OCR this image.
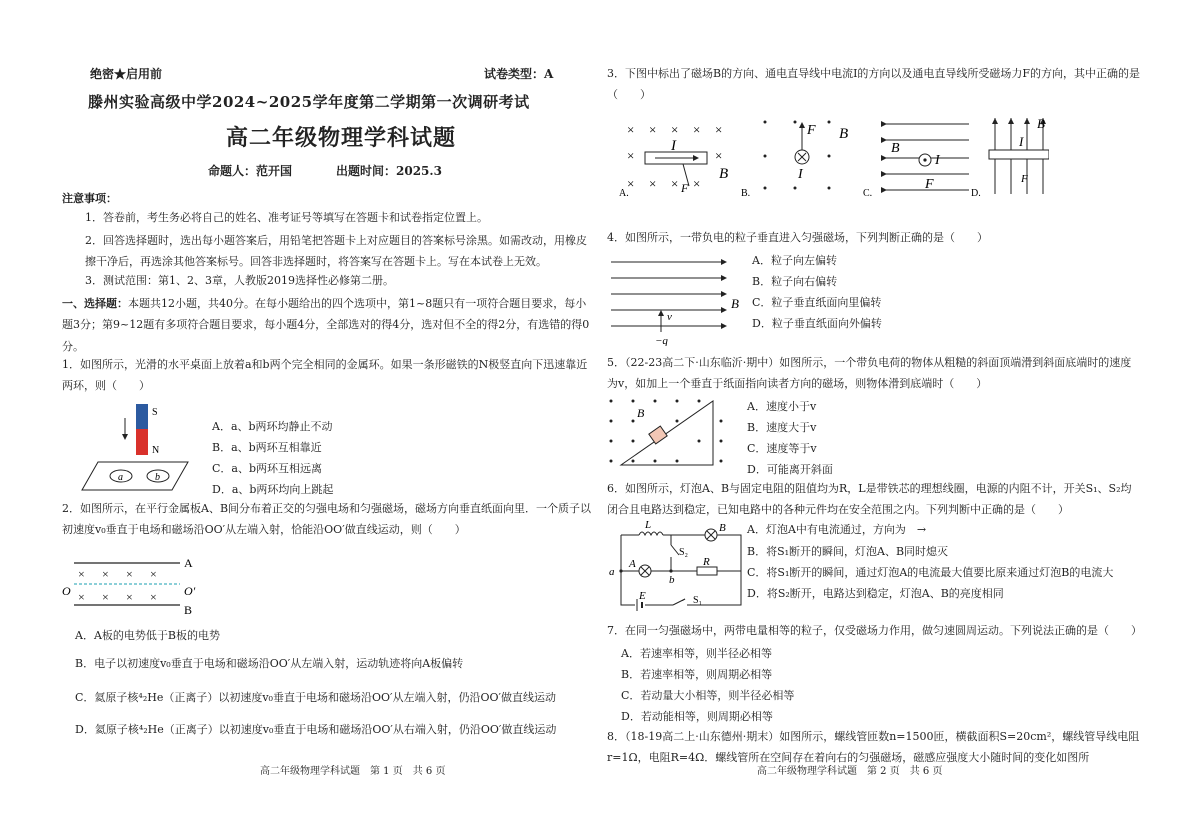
绝密★启用前	试卷类型：A
滕州实验高级中学2024~2025学年度第二学期第一次调研考试
高二年级物理学科试题
命题人：范开国	出题时间：2025.3
注意事项：
1．答卷前，考生务必将自己的姓名、准考证号等填写在答题卡和试卷指定位置上。
2．回答选择题时，选出每小题答案后，用铅笔把答题卡上对应题目的答案标号涂黑。如需改动，用橡皮擦干净后，再选涂其他答案标号。回答非选择题时，将答案写在答题卡上。写在本试卷上无效。
3．测试范围：第1、2、3章，人教版2019选择性必修第二册。
一、选择题：本题共12小题，共40分。在每小题给出的四个选项中，第1~8题只有一项符合题目要求，每小题3分；第9~12题有多项符合题目要求，每小题4分，全部选对的得4分，选对但不全的得2分，有选错的得0分。
1．如图所示，光滑的水平桌面上放着a和b两个完全相同的金属环。如果一条形磁铁的N极竖直向下迅速靠近两环，则（　　）
S
N
a	b
A．a、b两环均静止不动
B．a、b两环互相靠近
C．a、b两环互相远离
D．a、b两环均向上跳起
2．如图所示，在平行金属板A、B间分布着正交的匀强电场和匀强磁场，磁场方向垂直纸面向里．一个质子以初速度v₀垂直于电场和磁场沿OO′从左端入射，恰能沿OO′做直线运动，则（　　）
A
B
× × × ×
× × × ×
O	O′
A．A板的电势低于B板的电势
B．电子以初速度v₀垂直于电场和磁场沿OO′从左端入射，运动轨迹将向A板偏转
C．氦原子核⁴₂He（正离子）以初速度v₀垂直于电场和磁场沿OO′从左端入射，仍沿OO′做直线运动
D．氦原子核⁴₂He（正离子）以初速度v₀垂直于电场和磁场沿OO′从右端入射，仍沿OO′做直线运动
高二年级物理学科试题　第 1 页　共 6 页
3．下图中标出了磁场B的方向、通电直导线中电流I的方向以及通电直导线所受磁场力F的方向，其中正确的是（　　）
× × × × ×
×	×
× × × ×
I
B
F
A.
F B
I
B.
B
I
F
C.
I
B
F
D.
4．如图所示，一带负电的粒子垂直进入匀强磁场，下列判断正确的是（　　）
B
v
−q
A．粒子向左偏转
B．粒子向右偏转
C．粒子垂直纸面向里偏转
D．粒子垂直纸面向外偏转
5．（22-23高二下·山东临沂·期中）如图所示，一个带负电荷的物体从粗糙的斜面顶端滑到斜面底端时的速度为v，如加上一个垂直于纸面指向读者方向的磁场，则物体滑到底端时（　　）
B	A．速度小于v
B．速度大于v
C．速度等于v
D．可能离开斜面
6．如图所示，灯泡A、B与固定电阻的阻值均为R，L是带铁芯的理想线圈，电源的内阻不计，开关S₁、S₂均闭合且电路达到稳定，已知电路中的各种元件均在安全范围之内。下列判断中正确的是（　　）
L	B
S₂
A
a
b
R
E	S₁
A．灯泡A中有电流通过，方向为　→
B．将S₁断开的瞬间，灯泡A、B同时熄灭
C．将S₁断开的瞬间，通过灯泡A的电流最大值要比原来通过灯泡B的电流大
D．将S₂断开，电路达到稳定，灯泡A、B的亮度相同
7．在同一匀强磁场中，两带电量相等的粒子，仅受磁场力作用，做匀速圆周运动。下列说法正确的是（　　）
A．若速率相等，则半径必相等
B．若速率相等，则周期必相等
C．若动量大小相等，则半径必相等
D．若动能相等，则周期必相等
8．（18-19高二上·山东德州·期末）如图所示，螺线管匝数n=1500匝，横截面积S=20cm²，螺线管导线电阻r=1Ω，电阻R=4Ω．螺线管所在空间存在着向右的匀强磁场，磁感应强度大小随时间的变化如图所
高二年级物理学科试题　第 2 页　共 6 页
